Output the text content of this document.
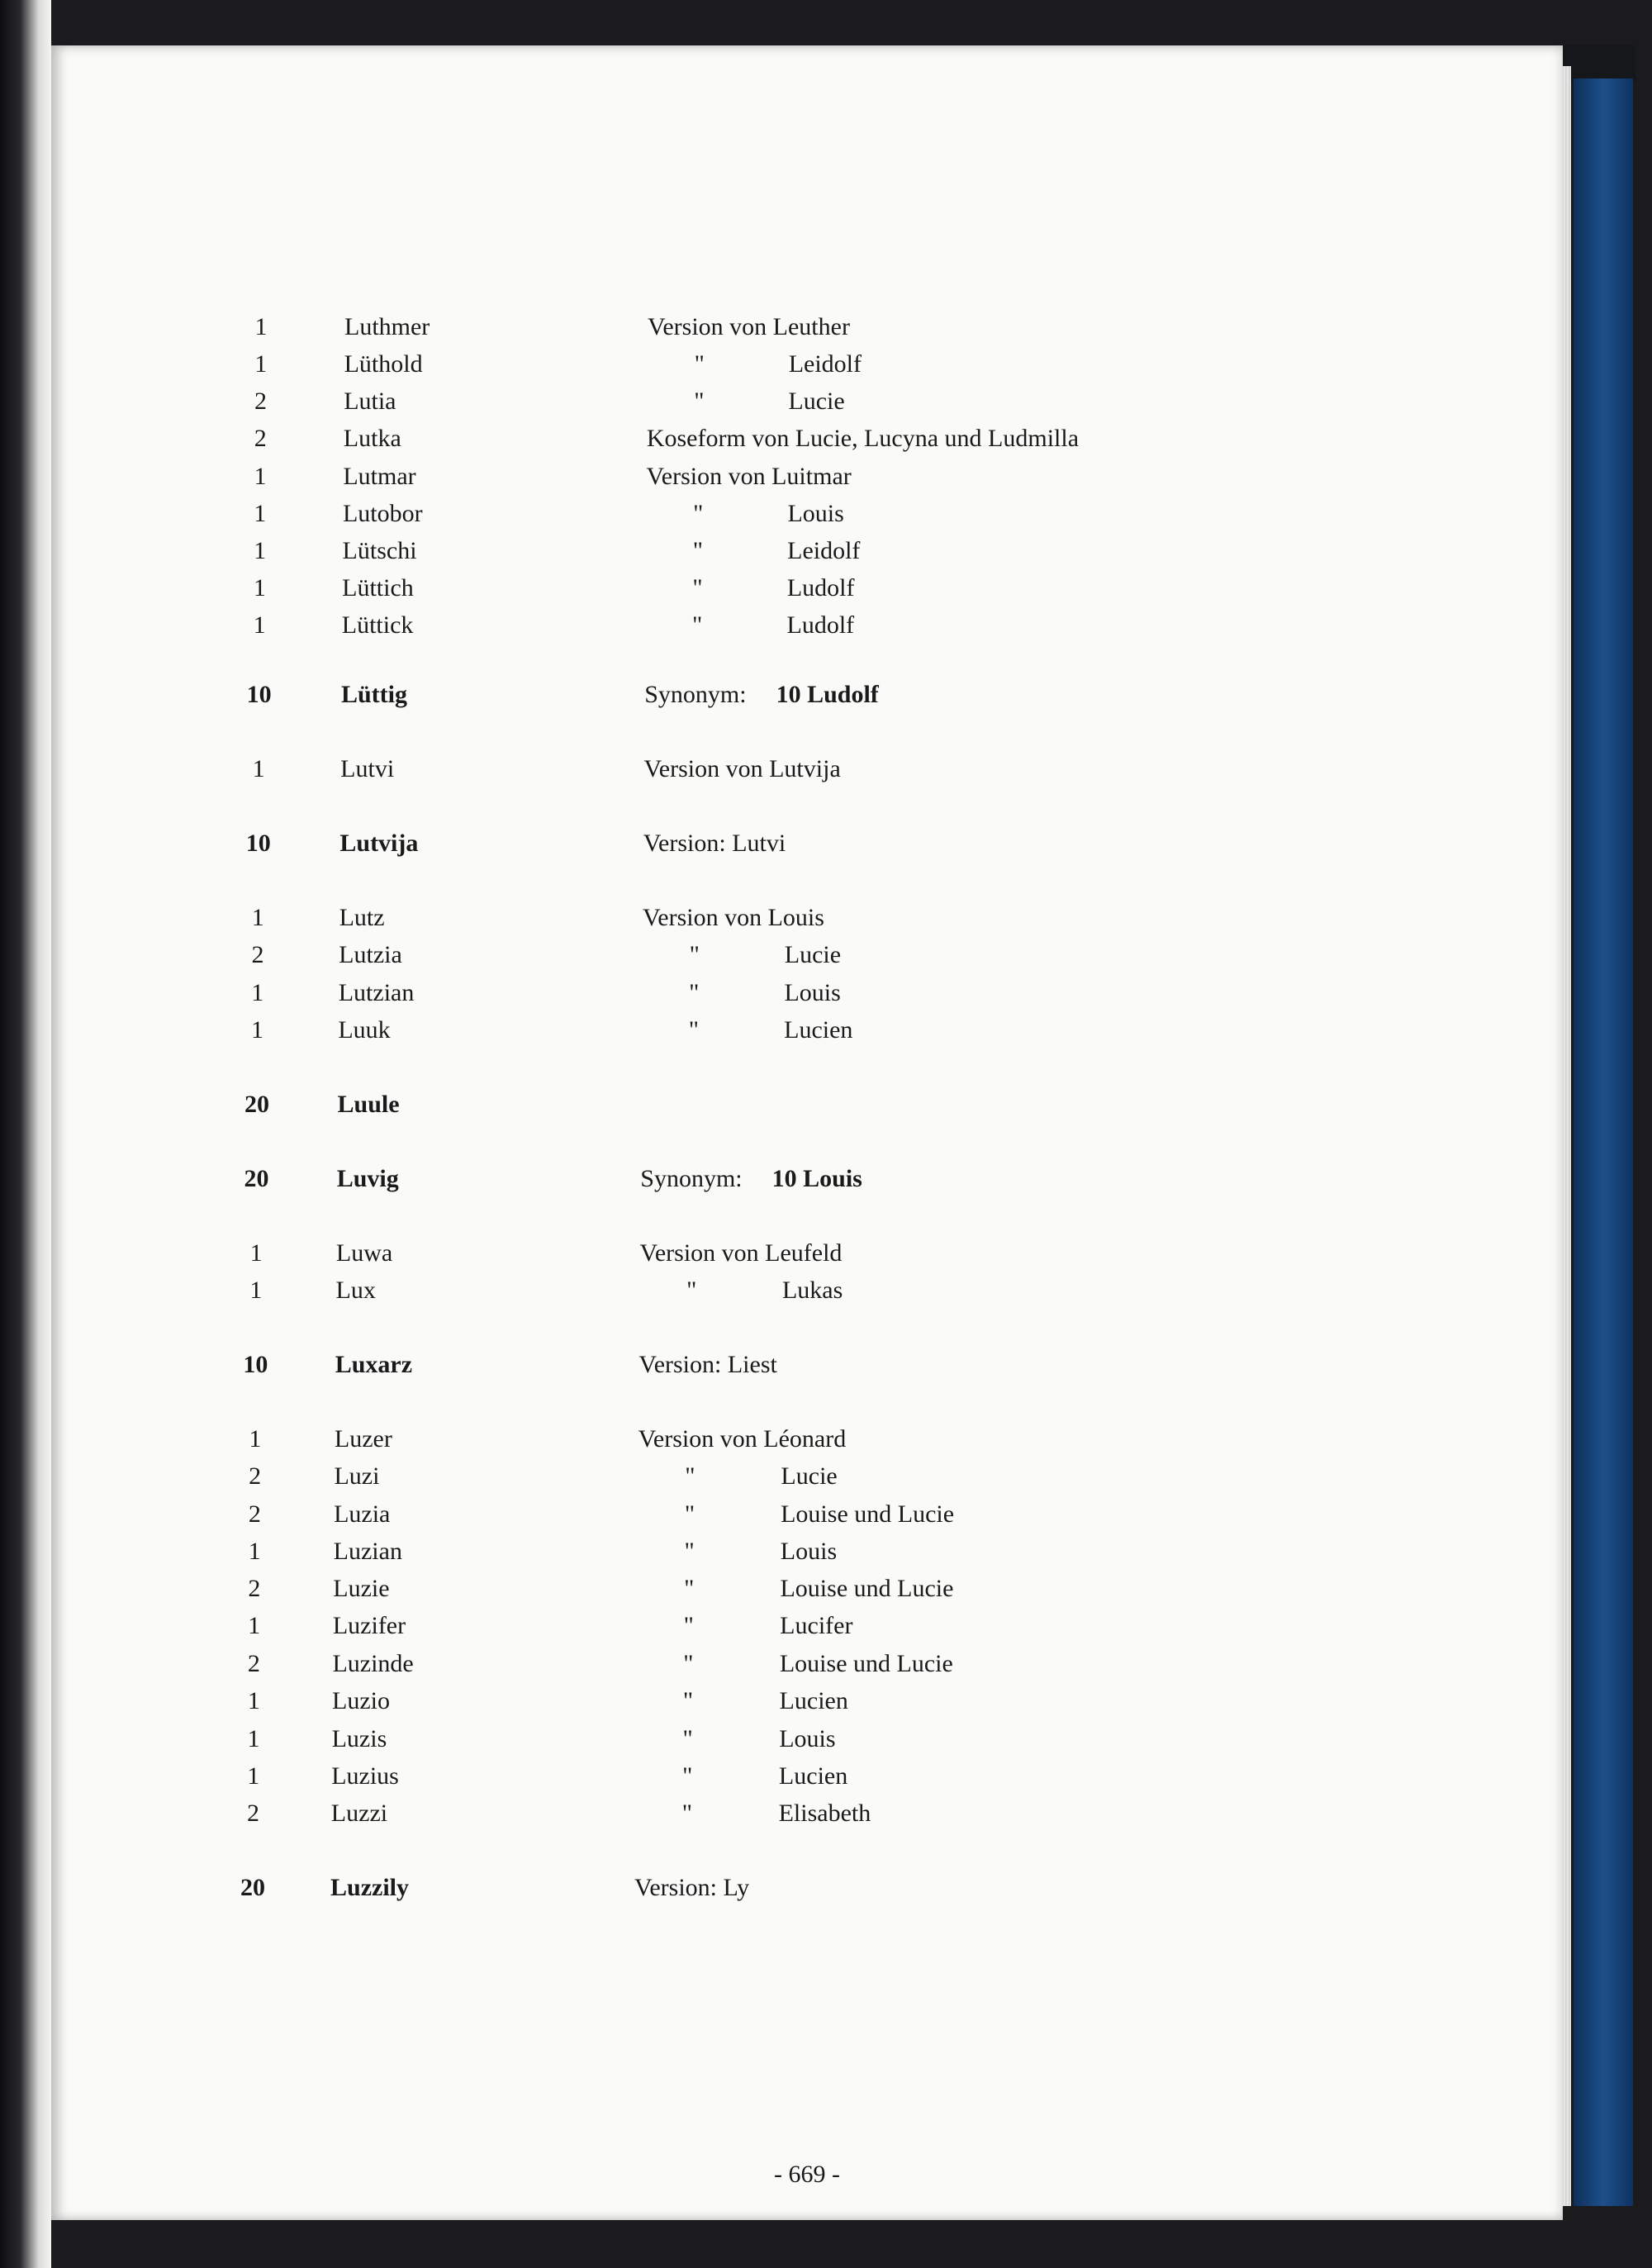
1	Luthmer	Version von Leuther
1	Lüthold	"	Leidolf
2	Lutia	"	Lucie
2	Lutka	Koseform von Lucie, Lucyna und Ludmilla
1	Lutmar	Version von Luitmar
1	Lutobor	"	Louis
1	Lütschi	"	Leidolf
1	Lüttich	"	Ludolf
1	Lüttick	"	Ludolf
10	Lüttig	Synonym: 10 Ludolf
1	Lutvi	Version von Lutvija
10	Lutvija	Version: Lutvi
1	Lutz	Version von Louis
2	Lutzia	"	Lucie
1	Lutzian	"	Louis
1	Luuk	"	Lucien
20	Luule
20	Luvig	Synonym: 10 Louis
1	Luwa	Version von Leufeld
1	Lux	"	Lukas
10	Luxarz	Version: Liest
1	Luzer	Version von Léonard
2	Luzi	"	Lucie
2	Luzia	"	Louise und Lucie
1	Luzian	"	Louis
2	Luzie	"	Louise und Lucie
1	Luzifer	"	Lucifer
2	Luzinde	"	Louise und Lucie
1	Luzio	"	Lucien
1	Luzis	"	Louis
1	Luzius	"	Lucien
2	Luzzi	"	Elisabeth
20	Luzzily	Version: Ly
- 669 -
